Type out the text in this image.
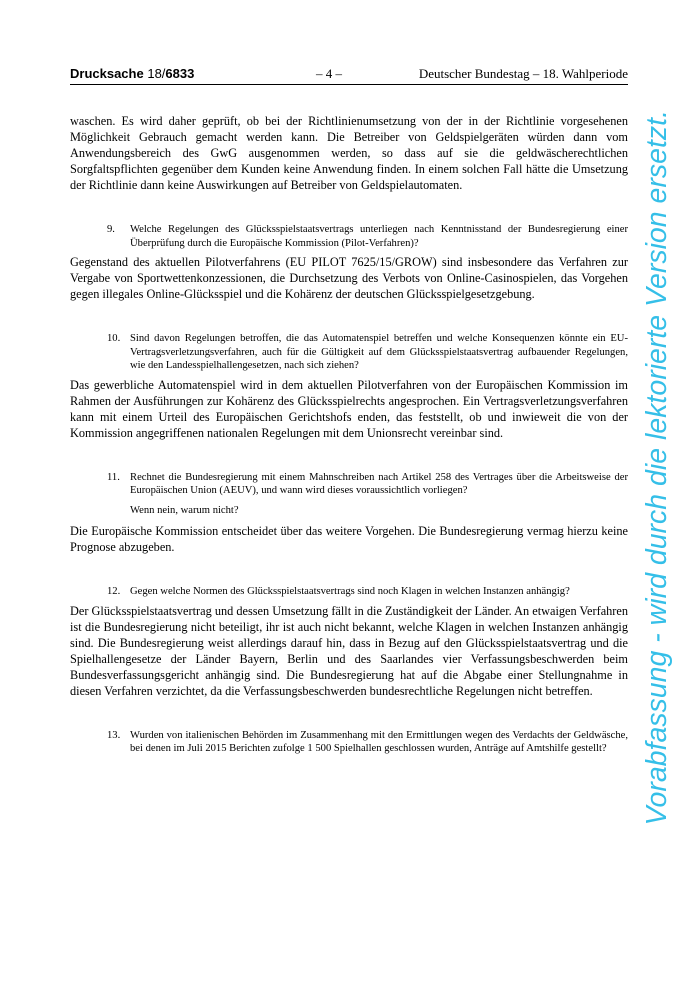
Drucksache 18/6833	– 4 –	Deutscher Bundestag – 18. Wahlperiode

waschen. Es wird daher geprüft, ob bei der Richtlinienumsetzung von der in der Richtlinie vorgesehenen Möglichkeit Gebrauch gemacht werden kann. Die Betreiber von Geldspielgeräten würden dann vom Anwendungsbereich des GwG ausgenommen werden, so dass auf sie die geldwäscherechtlichen Sorgfaltspflichten gegenüber dem Kunden keine Anwendung finden. In einem solchen Fall hätte die Umsetzung der Richtlinie dann keine Auswirkungen auf Betreiber von Geldspielautomaten.

9. Welche Regelungen des Glücksspielstaatsvertrags unterliegen nach Kenntnisstand der Bundesregierung einer Überprüfung durch die Europäische Kommission (Pilot-Verfahren)?

Gegenstand des aktuellen Pilotverfahrens (EU PILOT 7625/15/GROW) sind insbesondere das Verfahren zur Vergabe von Sportwettenkonzessionen, die Durchsetzung des Verbots von Online-Casinospielen, das Vorgehen gegen illegales Online-Glücksspiel und die Kohärenz der deutschen Glücksspielgesetzgebung.

10. Sind davon Regelungen betroffen, die das Automatenspiel betreffen und welche Konsequenzen könnte ein EU-Vertragsverletzungsverfahren, auch für die Gültigkeit auf dem Glücksspielstaatsvertrag aufbauender Regelungen, wie den Landesspielhallengesetzen, nach sich ziehen?

Das gewerbliche Automatenspiel wird in dem aktuellen Pilotverfahren von der Europäischen Kommission im Rahmen der Ausführungen zur Kohärenz des Glücksspielrechts angesprochen. Ein Vertragsverletzungsverfahren kann mit einem Urteil des Europäischen Gerichtshofs enden, das feststellt, ob und inwieweit die von der Kommission angegriffenen nationalen Regelungen mit dem Unionsrecht vereinbar sind.

11. Rechnet die Bundesregierung mit einem Mahnschreiben nach Artikel 258 des Vertrages über die Arbeitsweise der Europäischen Union (AEUV), und wann wird dieses voraussichtlich vorliegen?

Wenn nein, warum nicht?

Die Europäische Kommission entscheidet über das weitere Vorgehen. Die Bundesregierung vermag hierzu keine Prognose abzugeben.

12. Gegen welche Normen des Glücksspielstaatsvertrags sind noch Klagen in welchen Instanzen anhängig?

Der Glücksspielstaatsvertrag und dessen Umsetzung fällt in die Zuständigkeit der Länder. An etwaigen Verfahren ist die Bundesregierung nicht beteiligt, ihr ist auch nicht bekannt, welche Klagen in welchen Instanzen anhängig sind. Die Bundesregierung weist allerdings darauf hin, dass in Bezug auf den Glücksspielstaatsvertrag und die Spielhallengesetze der Länder Bayern, Berlin und des Saarlandes vier Verfassungsbeschwerden beim Bundesverfassungsgericht anhängig sind. Die Bundesregierung hat auf die Abgabe einer Stellungnahme in diesen Verfahren verzichtet, da die Verfassungsbeschwerden bundesrechtliche Regelungen nicht betreffen.

13. Wurden von italienischen Behörden im Zusammenhang mit den Ermittlungen wegen des Verdachts der Geldwäsche, bei denen im Juli 2015 Berichten zufolge 1 500 Spielhallen geschlossen wurden, Anträge auf Amtshilfe gestellt?	Vorabfassung - wird durch die lektorierte Version ersetzt.
